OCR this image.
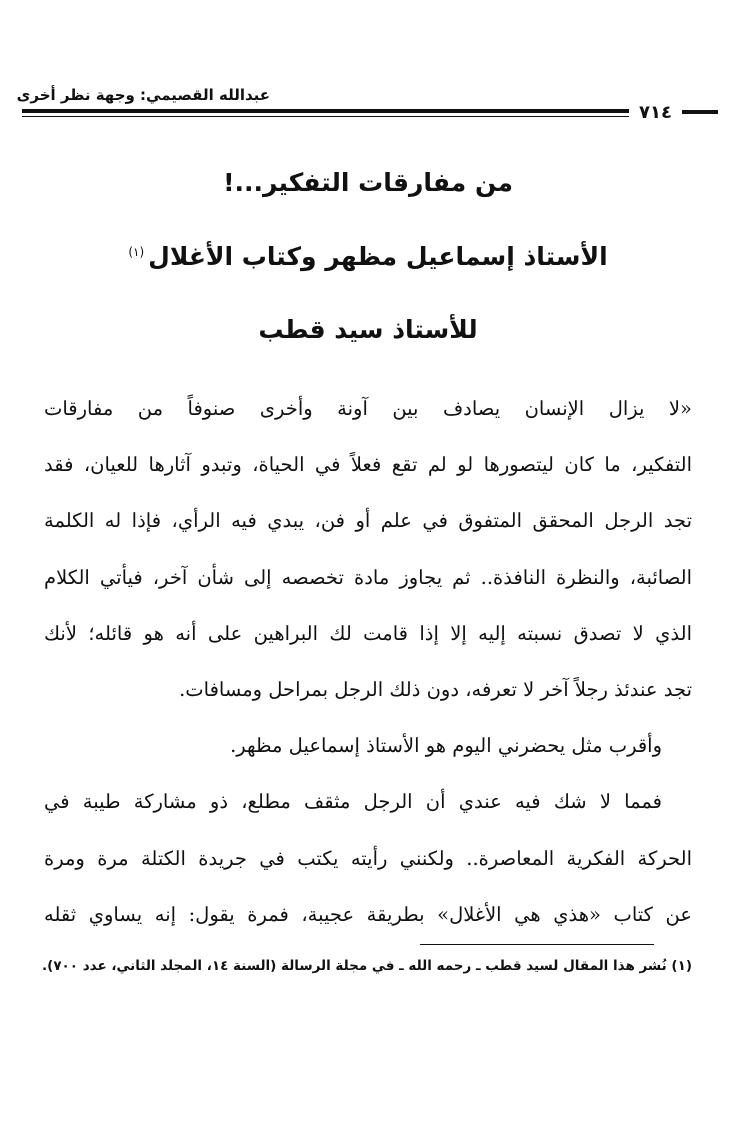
عبدالله القصيمي: وجهة نظر أخرى
٧١٤
من مفارقات التفكير...!
الأستاذ إسماعيل مظهر وكتاب الأغلال$^{(١)}$
للأستاذ سيد قطب
«لا يزال الإنسان يصادف بين آونة وأخرى صنوفاً من مفارقات
التفكير، ما كان ليتصورها لو لم تقع فعلاً في الحياة، وتبدو آثارها للعيان، فقد
تجد الرجل المحقق المتفوق في علم أو فن، يبدي فيه الرأي، فإذا له الكلمة
الصائبة، والنظرة النافذة.. ثم يجاوز مادة تخصصه إلى شأن آخر، فيأتي الكلام
الذي لا تصدق نسبته إليه إلا إذا قامت لك البراهين على أنه هو قائله؛ لأنك
تجد عندئذ رجلاً آخر لا تعرفه، دون ذلك الرجل بمراحل ومسافات.
وأقرب مثل يحضرني اليوم هو الأستاذ إسماعيل مظهر.
فمما لا شك فيه عندي أن الرجل مثقف مطلع، ذو مشاركة طيبة في
الحركة الفكرية المعاصرة.. ولكنني رأيته يكتب في جريدة الكتلة مرة ومرة
عن كتاب «هذي هي الأغلال» بطريقة عجيبة، فمرة يقول: إنه يساوي ثقله
(١) نُشر هذا المقال لسيد قطب ـ رحمه الله ـ في مجلة الرسالة (السنة ١٤، المجلد الثاني، عدد ٧٠٠).
